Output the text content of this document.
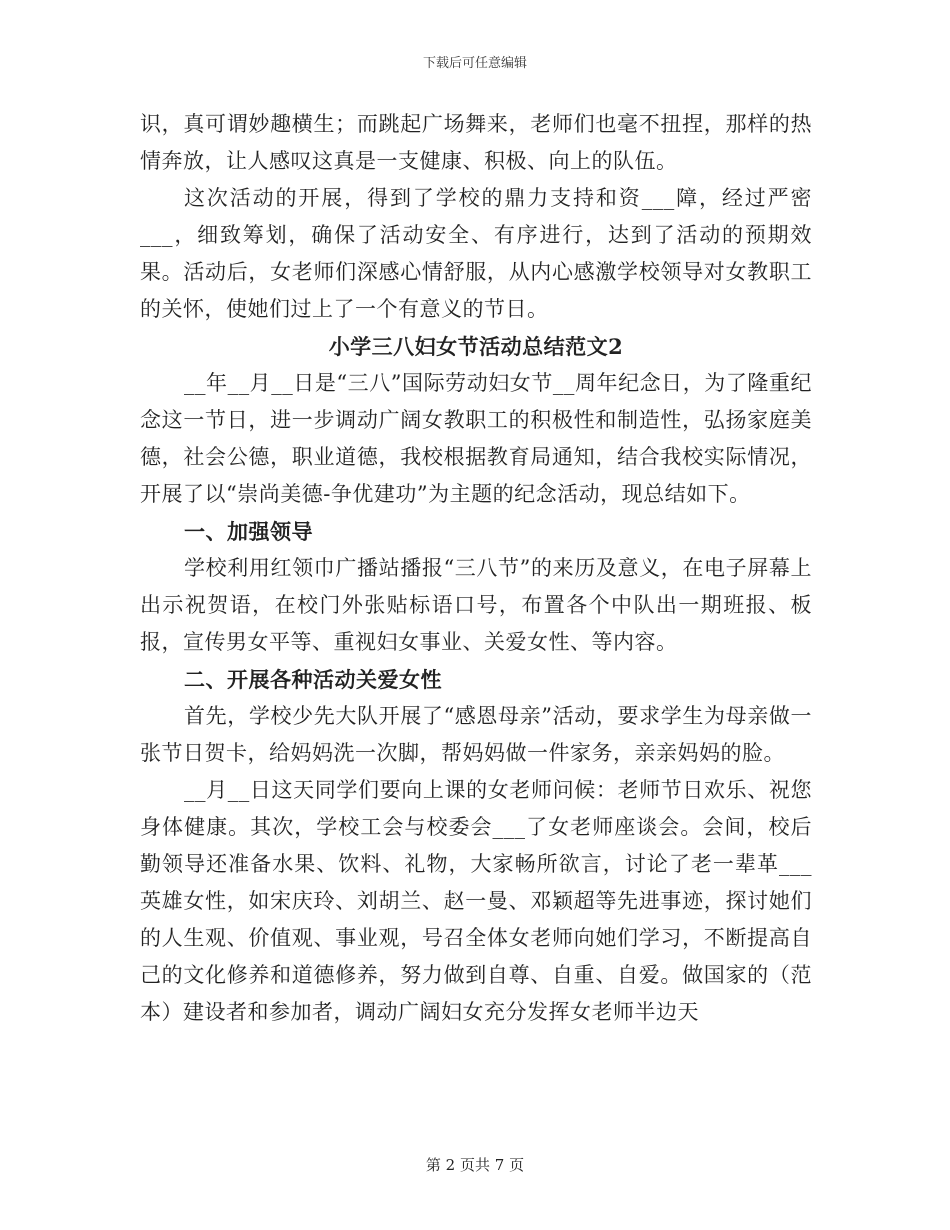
下载后可任意编辑

识，真可谓妙趣横生；而跳起广场舞来，老师们也毫不扭捏，那样的热情奔放，让人感叹这真是一支健康、积极、向上的队伍。

这次活动的开展，得到了学校的鼎力支持和资___障，经过严密___，细致筹划，确保了活动安全、有序进行，达到了活动的预期效果。活动后，女老师们深感心情舒服，从内心感激学校领导对女教职工的关怀，使她们过上了一个有意义的节日。

小学三八妇女节活动总结范文2

__年__月__日是“三八”国际劳动妇女节__周年纪念日，为了隆重纪念这一节日，进一步调动广阔女教职工的积极性和制造性，弘扬家庭美德，社会公德，职业道德，我校根据教育局通知，结合我校实际情况，开展了以“崇尚美德-争优建功”为主题的纪念活动，现总结如下。

一、加强领导

学校利用红领巾广播站播报“三八节”的来历及意义，在电子屏幕上出示祝贺语，在校门外张贴标语口号，布置各个中队出一期班报、板报，宣传男女平等、重视妇女事业、关爱女性、等内容。

二、开展各种活动关爱女性

首先，学校少先大队开展了“感恩母亲”活动，要求学生为母亲做一张节日贺卡，给妈妈洗一次脚，帮妈妈做一件家务，亲亲妈妈的脸。

__月__日这天同学们要向上课的女老师问候：老师节日欢乐、祝您身体健康。其次，学校工会与校委会___了女老师座谈会。会间，校后勤领导还准备水果、饮料、礼物，大家畅所欲言，讨论了老一辈革___英雄女性，如宋庆玲、刘胡兰、赵一曼、邓颖超等先进事迹，探讨她们的人生观、价值观、事业观，号召全体女老师向她们学习，不断提高自己的文化修养和道德修养，努力做到自尊、自重、自爱。做国家的（范本）建设者和参加者，调动广阔妇女充分发挥女老师半边天

第 2 页共 7 页
